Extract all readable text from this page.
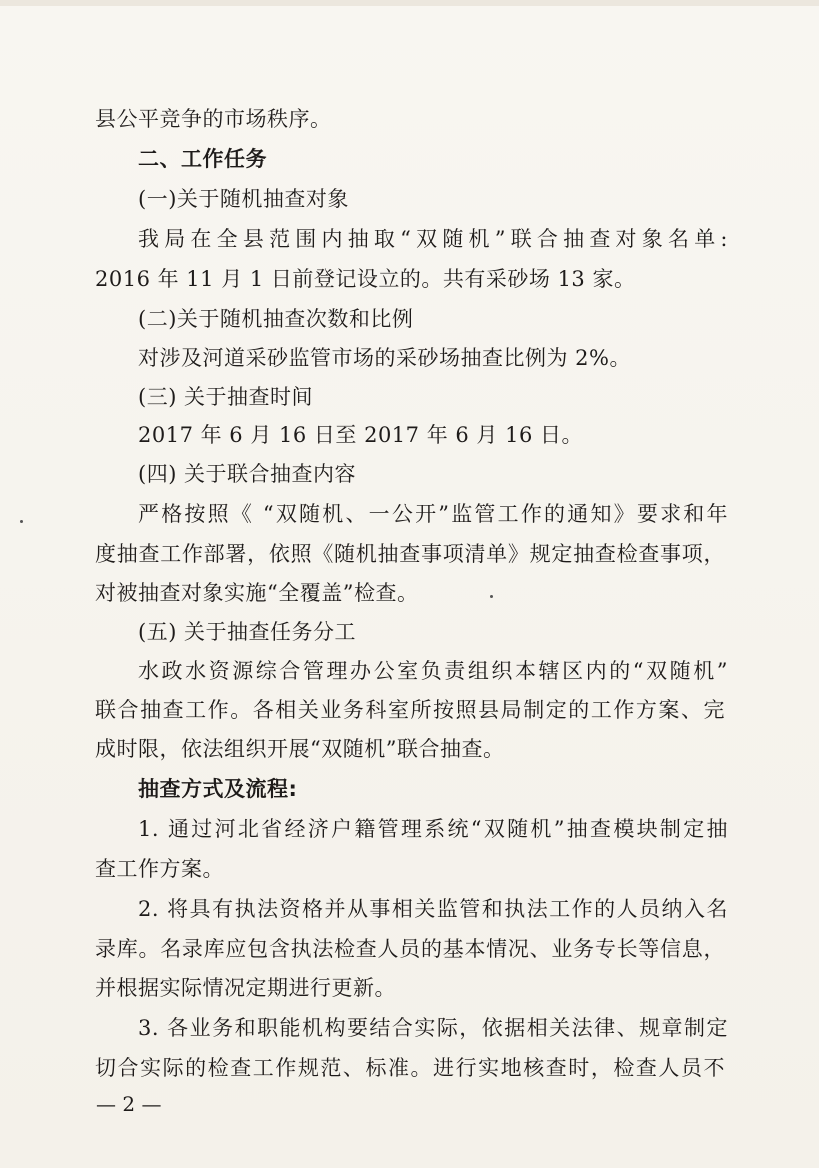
县公平竞争的市场秩序。
二、工作任务
(一)关于随机抽查对象
我局在全县范围内抽取“双随机”联合抽查对象名单:
2016 年 11 月 1 日前登记设立的。共有采砂场 13 家。
(二)关于随机抽查次数和比例
对涉及河道采砂监管市场的采砂场抽查比例为 2%。
(三) 关于抽查时间
2017 年 6 月 16 日至 2017 年 6 月 16 日。
(四) 关于联合抽查内容
严格按照《 “双随机、一公开”监管工作的通知》要求和年
度抽查工作部署，依照《随机抽查事项清单》规定抽查检查事项，
对被抽查对象实施“全覆盖”检查。
(五) 关于抽查任务分工
水政水资源综合管理办公室负责组织本辖区内的“双随机”
联合抽查工作。各相关业务科室所按照县局制定的工作方案、完
成时限，依法组织开展“双随机”联合抽查。
抽查方式及流程:
1. 通过河北省经济户籍管理系统“双随机”抽查模块制定抽
查工作方案。
2. 将具有执法资格并从事相关监管和执法工作的人员纳入名
录库。名录库应包含执法检查人员的基本情况、业务专长等信息，
并根据实际情况定期进行更新。
3. 各业务和职能机构要结合实际，依据相关法律、规章制定
切合实际的检查工作规范、标准。进行实地核查时，检查人员不
— 2 —
